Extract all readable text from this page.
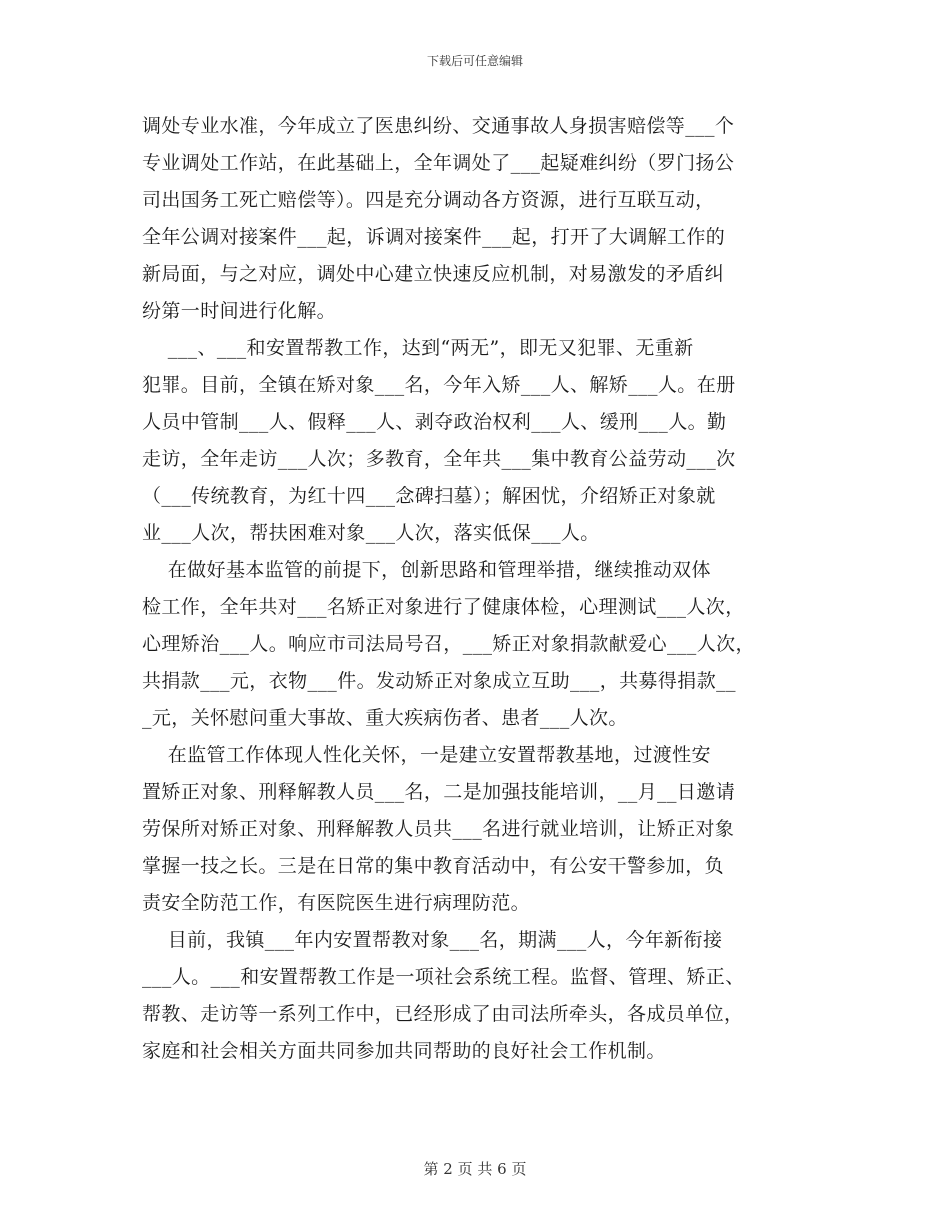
下载后可任意编辑
调处专业水准，今年成立了医患纠纷、交通事故人身损害赔偿等___个
专业调处工作站，在此基础上，全年调处了___起疑难纠纷（罗门扬公
司出国务工死亡赔偿等）。四是充分调动各方资源，进行互联互动，
全年公调对接案件___起，诉调对接案件___起，打开了大调解工作的
新局面，与之对应，调处中心建立快速反应机制，对易激发的矛盾纠
纷第一时间进行化解。
___、___和安置帮教工作，达到“两无”，即无又犯罪、无重新
犯罪。目前，全镇在矫对象___名，今年入矫___人、解矫___人。在册
人员中管制___人、假释___人、剥夺政治权利___人、缓刑___人。勤
走访，全年走访___人次；多教育，全年共___集中教育公益劳动___次
（___传统教育，为红十四___念碑扫墓）；解困忧，介绍矫正对象就
业___人次，帮扶困难对象___人次，落实低保___人。
在做好基本监管的前提下，创新思路和管理举措，继续推动双体
检工作，全年共对___名矫正对象进行了健康体检，心理测试___人次，
心理矫治___人。响应市司法局号召，___矫正对象捐款献爱心___人次，
共捐款___元，衣物___件。发动矫正对象成立互助___，共募得捐款__
_元，关怀慰问重大事故、重大疾病伤者、患者___人次。
在监管工作体现人性化关怀，一是建立安置帮教基地，过渡性安
置矫正对象、刑释解教人员___名，二是加强技能培训，__月__日邀请
劳保所对矫正对象、刑释解教人员共___名进行就业培训，让矫正对象
掌握一技之长。三是在日常的集中教育活动中，有公安干警参加，负
责安全防范工作，有医院医生进行病理防范。
目前，我镇___年内安置帮教对象___名，期满___人，今年新衔接
___人。___和安置帮教工作是一项社会系统工程。监督、管理、矫正、
帮教、走访等一系列工作中，已经形成了由司法所牵头，各成员单位，
家庭和社会相关方面共同参加共同帮助的良好社会工作机制。
第 2 页 共 6 页
